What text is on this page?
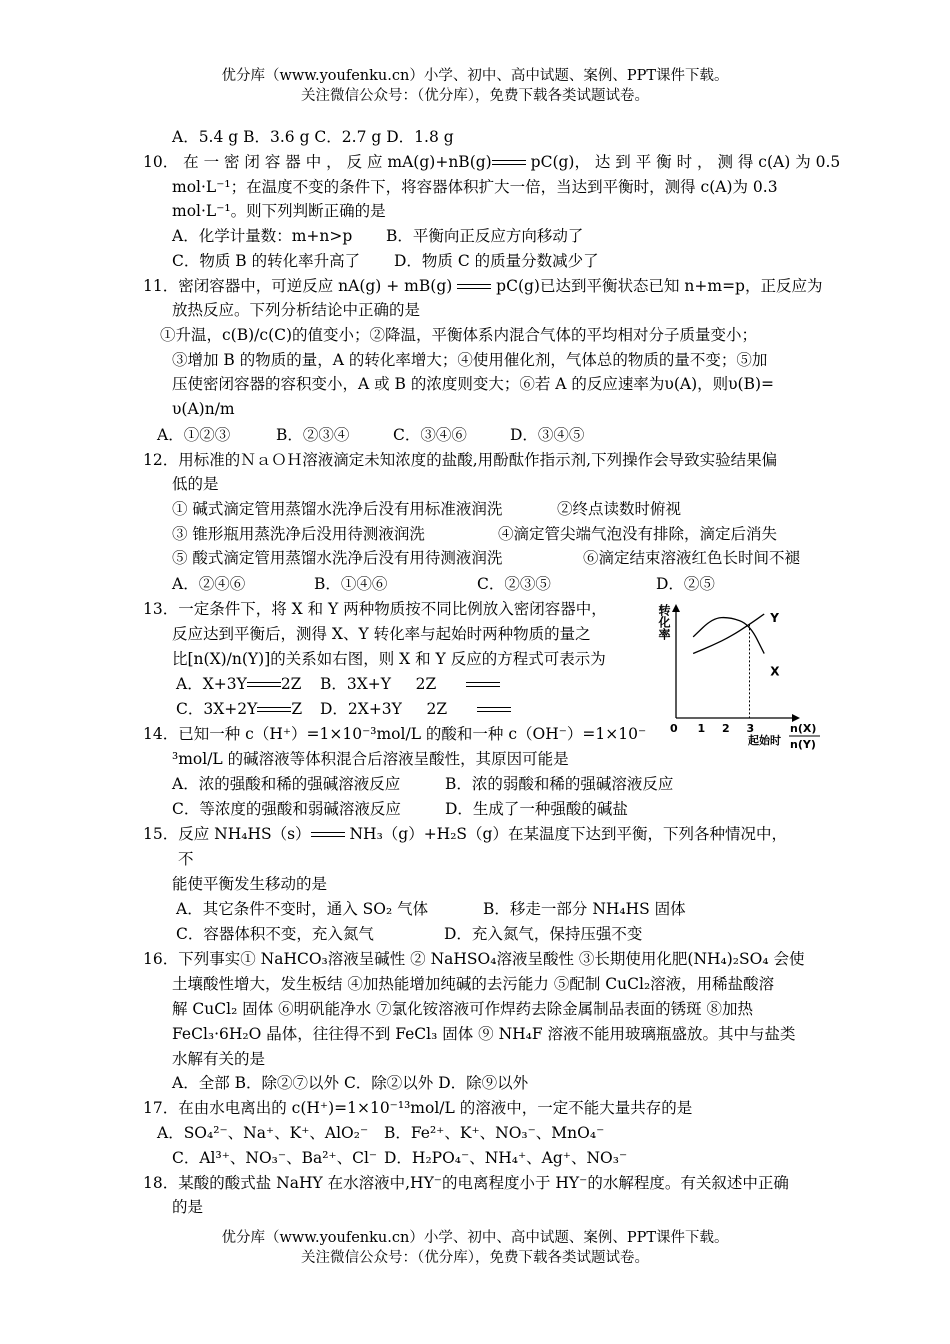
优分库（www.youfenku.cn）小学、初中、高中试题、案例、PPT课件下载。
关注微信公众号：（优分库），免费下载各类试题试卷。
A．5.4 g B．3.6 g C．2.7 g D．1.8 g
10． 在 一 密 闭 容 器 中 ， 反 应 mA(g)+nB(g)	pC(g)， 达 到 平 衡 时 ， 测 得 c(A) 为 0.5
mol·L⁻¹；在温度不变的条件下，将容器体积扩大一倍，当达到平衡时，测得 c(A)为 0.3
mol·L⁻¹。则下列判断正确的是
A．化学计量数：m+n>p B．平衡向正反应方向移动了
C．物质 B 的转化率升高了 D．物质 C 的质量分数减少了
11．密闭容器中，可逆反应 nA(g) + mB(g)	pC(g)已达到平衡状态已知 n+m=p，正反应为
放热反应。下列分析结论中正确的是
①升温，c(B)/c(C)的值变小；②降温，平衡体系内混合气体的平均相对分子质量变小；
③增加 B 的物质的量，A 的转化率增大；④使用催化剂，气体总的物质的量不变；⑤加
压使密闭容器的容积变小，A 或 B 的浓度则变大；⑥若 A 的反应速率为υ(A)，则υ(B)=
υ(A)n/m
A．①②③	B．②③④	C．③④⑥	D．③④⑤
12．用标准的ＮａＯＨ溶液滴定未知浓度的盐酸,用酚酞作指示剂,下列操作会导致实验结果偏
低的是
① 碱式滴定管用蒸馏水洗净后没有用标准液润洗	②终点读数时俯视
③ 锥形瓶用蒸洗净后没用待测液润洗	④滴定管尖端气泡没有排除，滴定后消失
⑤ 酸式滴定管用蒸馏水洗净后没有用待测液润洗	⑥滴定结束溶液红色长时间不褪
A．②④⑥	B．①④⑥	C．②③⑤	D．②⑤
13．一定条件下，将 X 和 Y 两种物质按不同比例放入密闭容器中，
反应达到平衡后，测得 X、Y 转化率与起始时两种物质的量之
比[n(X)/n(Y)]的关系如右图，则 X 和 Y 反应的方程式可表示为
A．X+3Y 2Z B．3X+Y 2Z
C．3X+2Y Z D．2X+3Y 2Z
转化率
0 1 2 3
Y
X
起始时
n(X)
n(Y)
14．已知一种 c（H⁺）=1×10⁻³mol/L 的酸和一种 c（OH⁻）=1×10⁻
³mol/L 的碱溶液等体积混合后溶液呈酸性，其原因可能是
A．浓的强酸和稀的强碱溶液反应	B．浓的弱酸和稀的强碱溶液反应
C．等浓度的强酸和弱碱溶液反应	D．生成了一种强酸的碱盐
15．反应 NH₄HS（s）	NH₃（g）+H₂S（g）在某温度下达到平衡，下列各种情况中，
不
能使平衡发生移动的是
A．其它条件不变时，通入 SO₂ 气体	B．移走一部分 NH₄HS 固体
C．容器体积不变，充入氮气	D．充入氮气，保持压强不变
16．下列事实① NaHCO₃溶液呈碱性 ② NaHSO₄溶液呈酸性 ③长期使用化肥(NH₄)₂SO₄ 会使
土壤酸性增大，发生板结 ④加热能增加纯碱的去污能力 ⑤配制 CuCl₂溶液，用稀盐酸溶
解 CuCl₂ 固体 ⑥明矾能净水 ⑦氯化铵溶液可作焊药去除金属制品表面的锈斑 ⑧加热
FeCl₃·6H₂O 晶体，往往得不到 FeCl₃ 固体 ⑨ NH₄F 溶液不能用玻璃瓶盛放。其中与盐类
水解有关的是
A．全部 B．除②⑦以外 C．除②以外 D．除⑨以外
17．在由水电离出的 c(H⁺)=1×10⁻¹³mol/L 的溶液中，一定不能大量共存的是
A．SO₄²⁻、Na⁺、K⁺、AlO₂⁻ B．Fe²⁺、K⁺、NO₃⁻、MnO₄⁻
C．Al³⁺、NO₃⁻、Ba²⁺、Cl⁻ D．H₂PO₄⁻、NH₄⁺、Ag⁺、NO₃⁻
18．某酸的酸式盐 NaHY 在水溶液中,HY⁻的电离程度小于 HY⁻的水解程度。有关叙述中正确
的是
优分库（www.youfenku.cn）小学、初中、高中试题、案例、PPT课件下载。
关注微信公众号：（优分库），免费下载各类试题试卷。
